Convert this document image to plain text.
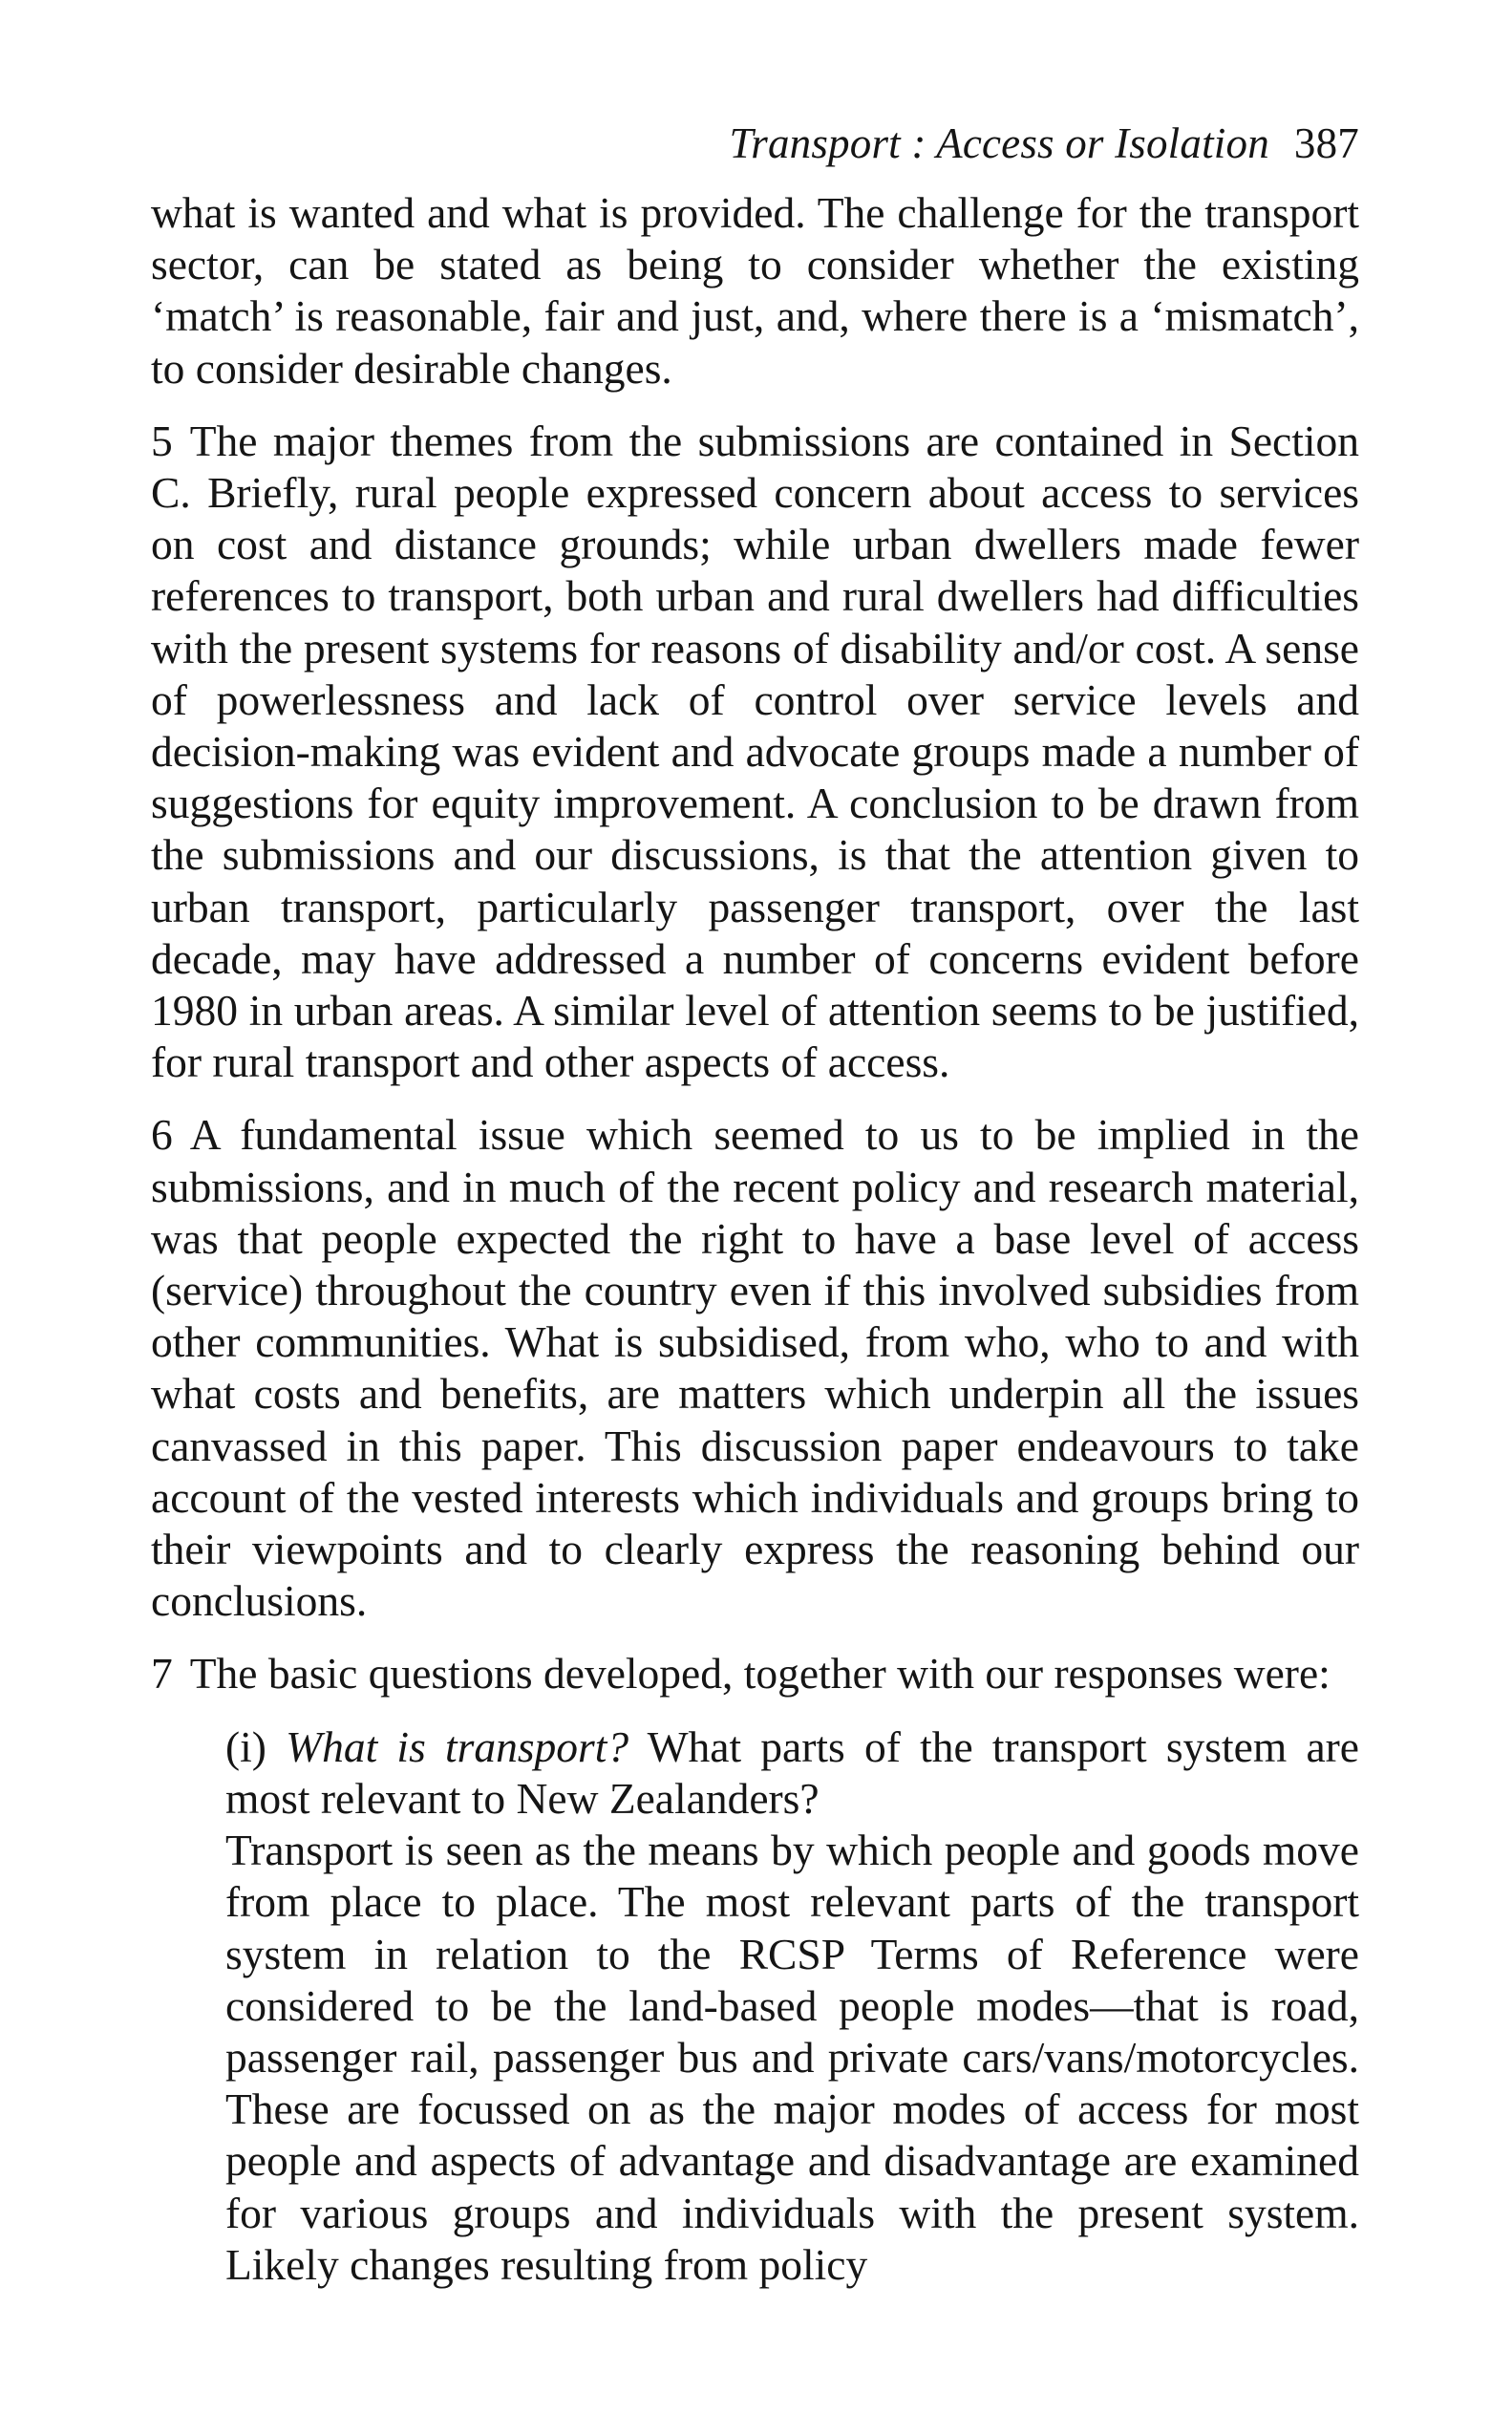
Transport : Access or Isolation 387

what is wanted and what is provided. The challenge for the transport sector, can be stated as being to consider whether the existing ‘match’ is reasonable, fair and just, and, where there is a ‘mismatch’, to consider desirable changes.

5 The major themes from the submissions are contained in Section C. Briefly, rural people expressed concern about access to services on cost and distance grounds; while urban dwellers made fewer references to transport, both urban and rural dwellers had difficulties with the present systems for reasons of disability and/or cost. A sense of powerlessness and lack of control over service levels and decision-making was evident and advocate groups made a number of suggestions for equity improvement. A conclusion to be drawn from the submissions and our discussions, is that the attention given to urban transport, particularly passenger transport, over the last decade, may have addressed a number of concerns evident before 1980 in urban areas. A similar level of attention seems to be justified, for rural transport and other aspects of access.

6 A fundamental issue which seemed to us to be implied in the submissions, and in much of the recent policy and research material, was that people expected the right to have a base level of access (service) throughout the country even if this involved subsidies from other communities. What is subsidised, from who, who to and with what costs and benefits, are matters which underpin all the issues canvassed in this paper. This discussion paper endeavours to take account of the vested interests which individuals and groups bring to their viewpoints and to clearly express the reasoning behind our conclusions.

7 The basic questions developed, together with our responses were:

(i) What is transport? What parts of the transport system are most relevant to New Zealanders?

Transport is seen as the means by which people and goods move from place to place. The most relevant parts of the transport system in relation to the RCSP Terms of Reference were considered to be the land-based people modes—that is road, passenger rail, passenger bus and private cars/vans/motorcycles. These are focussed on as the major modes of access for most people and aspects of advantage and disadvantage are examined for various groups and individuals with the present system. Likely changes resulting from policy
